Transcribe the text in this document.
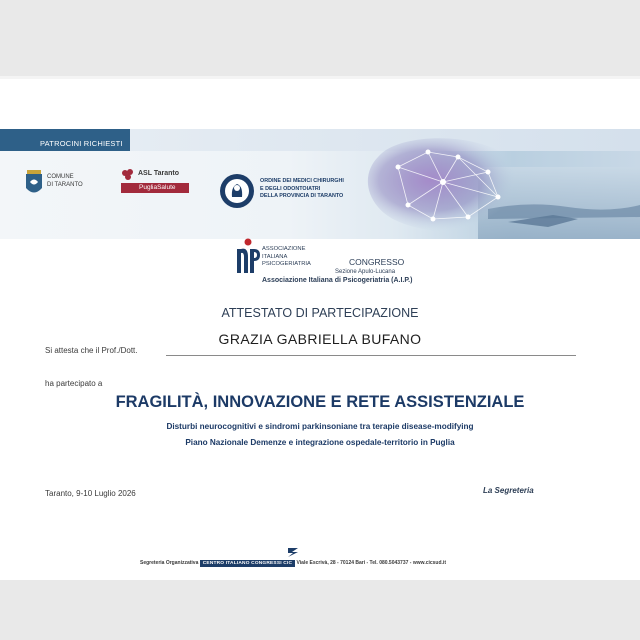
PATROCINI RICHIESTI
COMUNE
DI TARANTO
ASL Taranto
PugliaSalute
ORDINE DEI MEDICI CHIRURGHI
E DEGLI ODONTOIATRI
DELLA PROVINCIA DI TARANTO
ASSOCIAZIONE
ITALIANA
PSICOGERIATRIA	CONGRESSO
Sezione Apulo-Lucana
Associazione Italiana di Psicogeriatria (A.I.P.)
ATTESTATO DI PARTECIPAZIONE
Si attesta che il Prof./Dott.
GRAZIA GABRIELLA BUFANO
ha partecipato a
FRAGILITÀ, INNOVAZIONE E RETE ASSISTENZIALE
Disturbi neurocognitivi e sindromi parkinsoniane tra terapie disease-modifying
Piano Nazionale Demenze e integrazione ospedale-territorio in Puglia
Taranto, 9-10 Luglio 2026	La Segreteria
Segreteria Organizzativa CENTRO ITALIANO CONGRESSI CIC Viale Escrivà, 28 - 70124 Bari - Tel. 080.5043737 - www.cicsud.it
